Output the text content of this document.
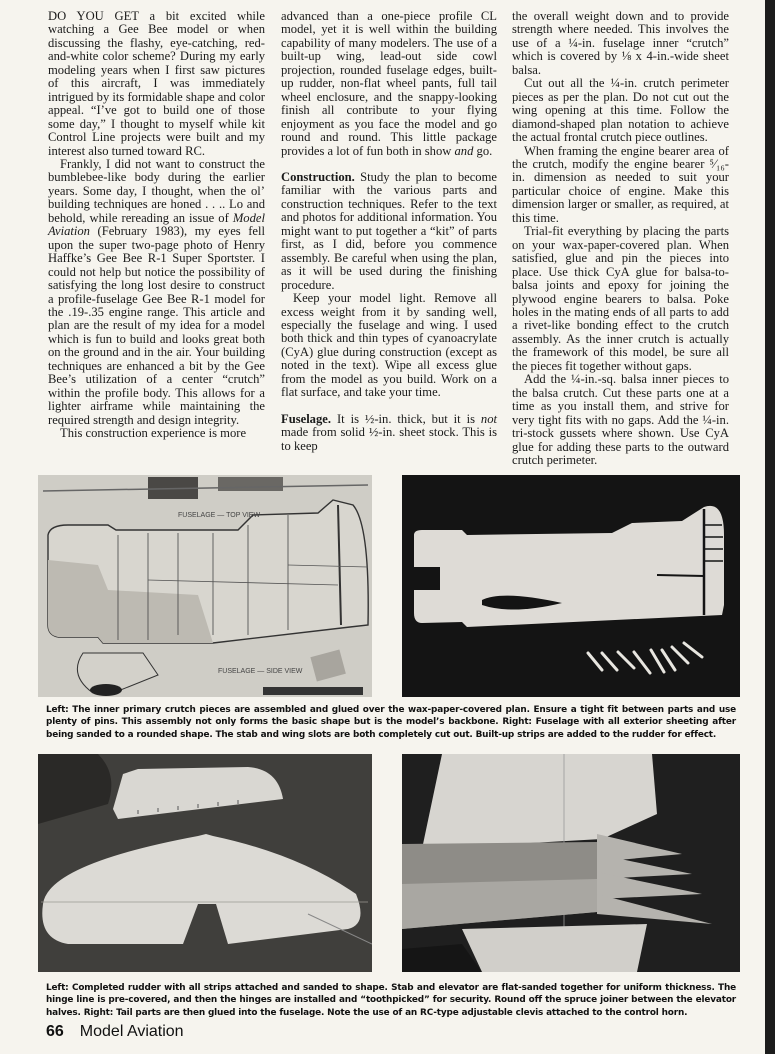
DO YOU GET a bit excited while watching a Gee Bee model or when discussing the flashy, eye-catching, red-and-white color scheme? During my early modeling years when I first saw pictures of this aircraft, I was immediately intrigued by its formidable shape and color appeal. “I’ve got to build one of those some day,” I thought to myself while kit Control Line projects were built and my interest also turned toward RC.

Frankly, I did not want to construct the bumblebee-like body during the earlier years. Some day, I thought, when the ol’ building techniques are honed . . .. Lo and behold, while rereading an issue of Model Aviation (February 1983), my eyes fell upon the super two-page photo of Henry Haffke’s Gee Bee R-1 Super Sportster. I could not help but notice the possibility of satisfying the long lost desire to construct a profile-fuselage Gee Bee R-1 model for the .19-.35 engine range. This article and plan are the result of my idea for a model which is fun to build and looks great both on the ground and in the air. Your building techniques are enhanced a bit by the Gee Bee’s utilization of a center “crutch” within the profile body. This allows for a lighter airframe while maintaining the required strength and design integrity.

This construction experience is more

advanced than a one-piece profile CL model, yet it is well within the building capability of many modelers. The use of a built-up wing, lead-out side cowl projection, rounded fuselage edges, built-up rudder, non-flat wheel pants, full tail wheel enclosure, and the snappy-looking finish all contribute to your flying enjoyment as you face the model and go round and round. This little package provides a lot of fun both in show and go.

Construction. Study the plan to become familiar with the various parts and construction techniques. Refer to the text and photos for additional information. You might want to put together a “kit” of parts first, as I did, before you commence assembly. Be careful when using the plan, as it will be used during the finishing procedure.

Keep your model light. Remove all excess weight from it by sanding well, especially the fuselage and wing. I used both thick and thin types of cyanoacrylate (CyA) glue during construction (except as noted in the text). Wipe all excess glue from the model as you build. Work on a flat surface, and take your time.

Fuselage. It is ½-in. thick, but it is not made from solid ½-in. sheet stock. This is to keep

the overall weight down and to provide strength where needed. This involves the use of a ¼-in. fuselage inner “crutch” which is covered by ⅛ x 4-in.-wide sheet balsa.

Cut out all the ¼-in. crutch perimeter pieces as per the plan. Do not cut out the wing opening at this time. Follow the diamond-shaped plan notation to achieve the actual frontal crutch piece outlines.

When framing the engine bearer area of the crutch, modify the engine bearer ⁵⁄₁₆-in. dimension as needed to suit your particular choice of engine. Make this dimension larger or smaller, as required, at this time.

Trial-fit everything by placing the parts on your wax-paper-covered plan. When satisfied, glue and pin the pieces into place. Use thick CyA glue for balsa-to-balsa joints and epoxy for joining the plywood engine bearers to balsa. Poke holes in the mating ends of all parts to add a rivet-like bonding effect to the crutch assembly. As the inner crutch is actually the framework of this model, be sure all the pieces fit together without gaps.

Add the ¼-in.-sq. balsa inner pieces to the balsa crutch. Cut these parts one at a time as you install them, and strive for very tight fits with no gaps. Add the ¼-in. tri-stock gussets where shown. Use CyA glue for adding these parts to the outward crutch perimeter.

FUSELAGE — TOP VIEW
FUSELAGE — SIDE VIEW
Left: The inner primary crutch pieces are assembled and glued over the wax-paper-covered plan. Ensure a tight fit between parts and use plenty of pins. This assembly not only forms the basic shape but is the model’s backbone. Right: Fuselage with all exterior sheeting after being sanded to a rounded shape. The stab and wing slots are both completely cut out. Built-up strips are added to the rudder for effect.
Left: Completed rudder with all strips attached and sanded to shape. Stab and elevator are flat-sanded together for uniform thickness. The hinge line is pre-covered, and then the hinges are installed and “toothpicked” for security. Round off the spruce joiner between the elevator halves. Right: Tail parts are then glued into the fuselage. Note the use of an RC-type adjustable clevis attached to the control horn.
66 Model Aviation
